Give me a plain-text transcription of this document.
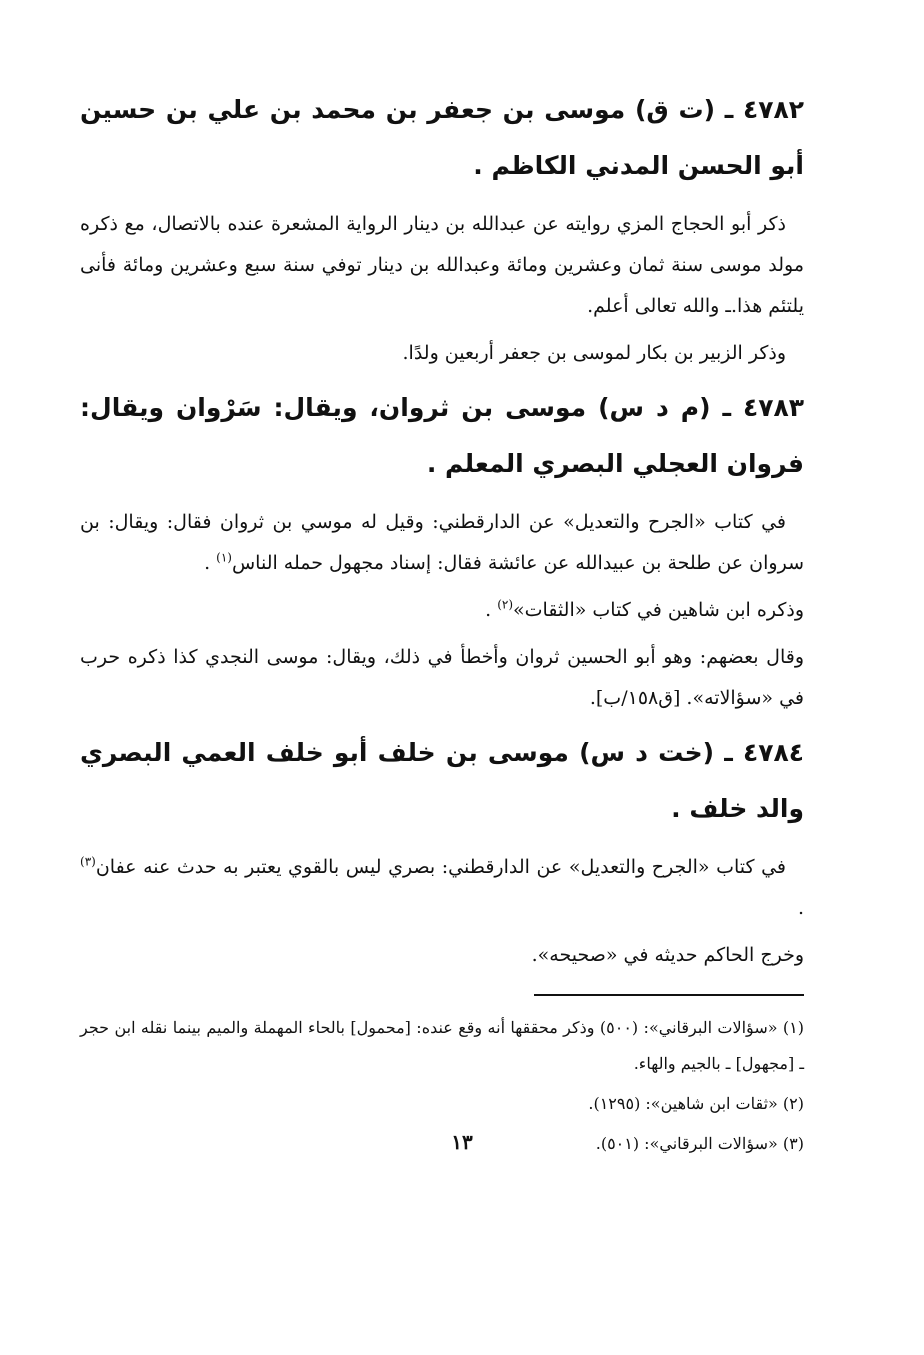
٤٧٨٢ ـ (ت ق) موسى بن جعفر بن محمد بن علي بن حسين أبو الحسن المدني الكاظم .

ذكر أبو الحجاج المزي روايته عن عبدالله بن دينار الرواية المشعرة عنده بالاتصال، مع ذكره مولد موسى سنة ثمان وعشرين ومائة وعبدالله بن دينار توفي سنة سبع وعشرين ومائة فأنى يلتئم هذا.ـ والله تعالى أعلم.

وذكر الزبير بن بكار لموسى بن جعفر أربعين ولدًا.

٤٧٨٣ ـ (م د س) موسى بن ثروان، ويقال: سَرْوان ويقال: فروان العجلي البصري المعلم .

في كتاب «الجرح والتعديل» عن الدارقطني: وقيل له موسي بن ثروان فقال: ويقال: بن سروان عن طلحة بن عبيدالله عن عائشة فقال: إسناد مجهول حمله الناس$^{(١)}$ .

وذكره ابن شاهين في كتاب «الثقات»$^{(٢)}$ .

وقال بعضهم: وهو أبو الحسين ثروان وأخطأ في ذلك، ويقال: موسى النجدي كذا ذكره حرب في «سؤالاته». [ق١٥٨/ب].

٤٧٨٤ ـ (خت د س) موسى بن خلف أبو خلف العمي البصري والد خلف .

في كتاب «الجرح والتعديل» عن الدارقطني: بصري ليس بالقوي يعتبر به حدث عنه عفان$^{(٣)}$ .

وخرج الحاكم حديثه في «صحيحه».

(١) «سؤالات البرقاني»: (٥٠٠) وذكر محققها أنه وقع عنده: [محمول] بالحاء المهملة والميم بينما نقله ابن حجر ـ [مجهول] ـ بالجيم والهاء.

(٢) «ثقات ابن شاهين»: (١٢٩٥).

(٣) «سؤالات البرقاني»: (٥٠١).

١٣
